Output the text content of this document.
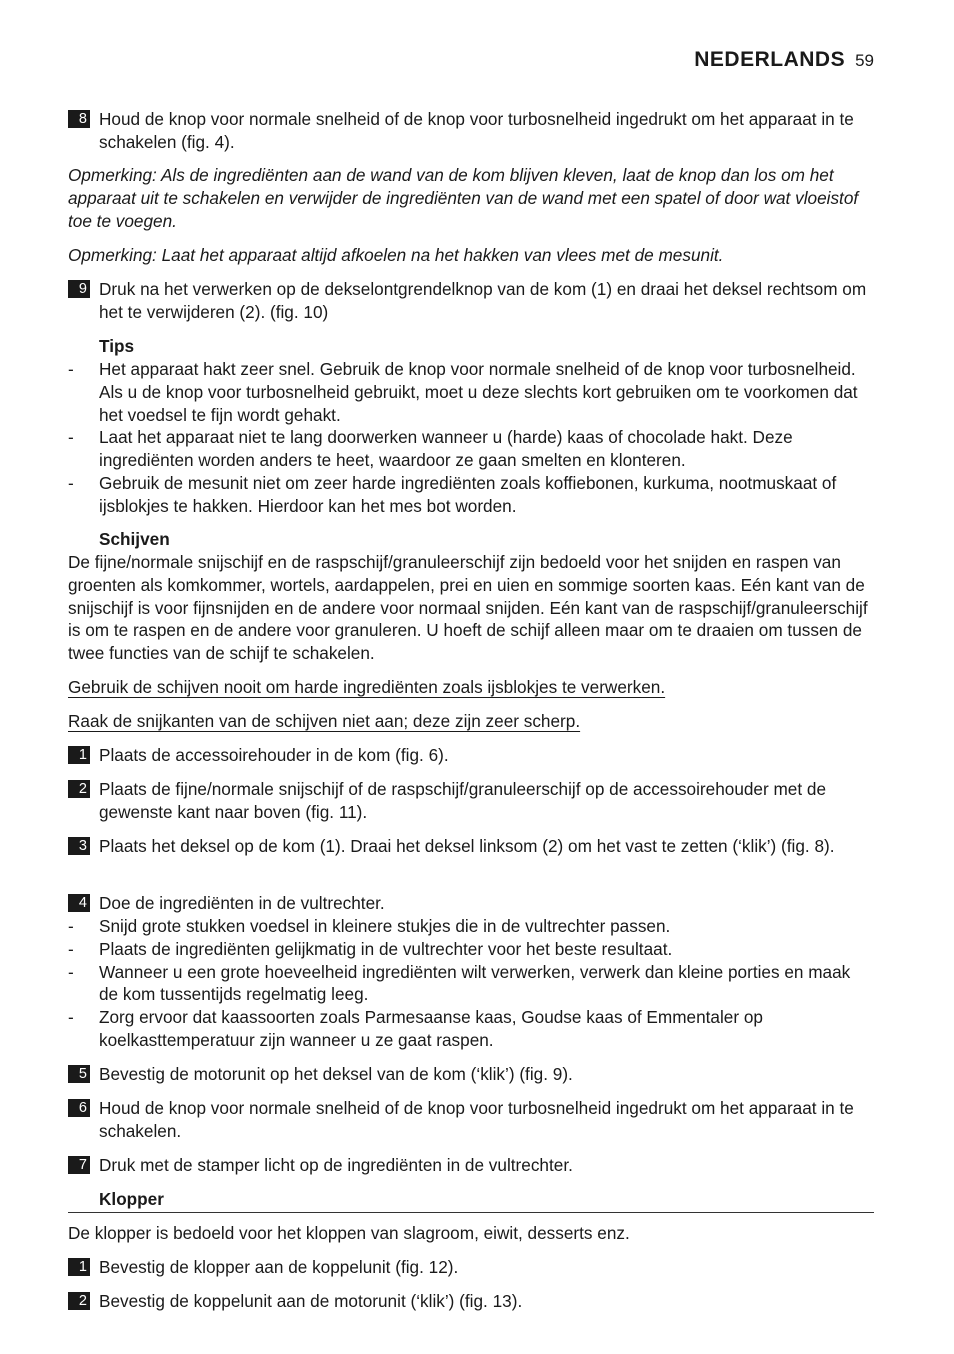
NEDERLANDS 59
8 Houd de knop voor normale snelheid of de knop voor turbosnelheid ingedrukt om het apparaat in te schakelen (fig. 4).
Opmerking: Als de ingrediënten aan de wand van de kom blijven kleven, laat de knop dan los om het apparaat uit te schakelen en verwijder de ingrediënten van de wand met een spatel of door wat vloeistof toe te voegen.
Opmerking: Laat het apparaat altijd afkoelen na het hakken van vlees met de mesunit.
9 Druk na het verwerken op de dekselontgrendelknop van de kom (1) en draai het deksel rechtsom om het te verwijderen (2). (fig. 10)
Tips
-	Het apparaat hakt zeer snel. Gebruik de knop voor normale snelheid of de knop voor turbosnelheid. Als u de knop voor turbosnelheid gebruikt, moet u deze slechts kort gebruiken om te voorkomen dat het voedsel te fijn wordt gehakt.
-	Laat het apparaat niet te lang doorwerken wanneer u (harde) kaas of chocolade hakt. Deze ingrediënten worden anders te heet, waardoor ze gaan smelten en klonteren.
-	Gebruik de mesunit niet om zeer harde ingrediënten zoals koffiebonen, kurkuma, nootmuskaat of ijsblokjes te hakken. Hierdoor kan het mes bot worden.
Schijven
De fijne/normale snijschijf en de raspschijf/granuleerschijf zijn bedoeld voor het snijden en raspen van groenten als komkommer, wortels, aardappelen, prei en uien en sommige soorten kaas. Eén kant van de snijschijf is voor fijnsnijden en de andere voor normaal snijden. Eén kant van de raspschijf/granuleerschijf is om te raspen en de andere voor granuleren. U hoeft de schijf alleen maar om te draaien om tussen de twee functies van de schijf te schakelen.
Gebruik de schijven nooit om harde ingrediënten zoals ijsblokjes te verwerken.
Raak de snijkanten van de schijven niet aan; deze zijn zeer scherp.
1 Plaats de accessoirehouder in de kom (fig. 6).
2 Plaats de fijne/normale snijschijf of de raspschijf/granuleerschijf op de accessoirehouder met de gewenste kant naar boven (fig. 11).
3 Plaats het deksel op de kom (1). Draai het deksel linksom (2) om het vast te zetten (‘klik’) (fig. 8).
4 Doe de ingrediënten in de vultrechter.
-	Snijd grote stukken voedsel in kleinere stukjes die in de vultrechter passen.
-	Plaats de ingrediënten gelijkmatig in de vultrechter voor het beste resultaat.
-	Wanneer u een grote hoeveelheid ingrediënten wilt verwerken, verwerk dan kleine porties en maak de kom tussentijds regelmatig leeg.
-	Zorg ervoor dat kaassoorten zoals Parmesaanse kaas, Goudse kaas of Emmentaler op koelkasttemperatuur zijn wanneer u ze gaat raspen.
5 Bevestig de motorunit op het deksel van de kom (‘klik’) (fig. 9).
6 Houd de knop voor normale snelheid of de knop voor turbosnelheid ingedrukt om het apparaat in te schakelen.
7 Druk met de stamper licht op de ingrediënten in de vultrechter.
Klopper
De klopper is bedoeld voor het kloppen van slagroom, eiwit, desserts enz.
1 Bevestig de klopper aan de koppelunit (fig. 12).
2 Bevestig de koppelunit aan de motorunit (‘klik’) (fig. 13).
